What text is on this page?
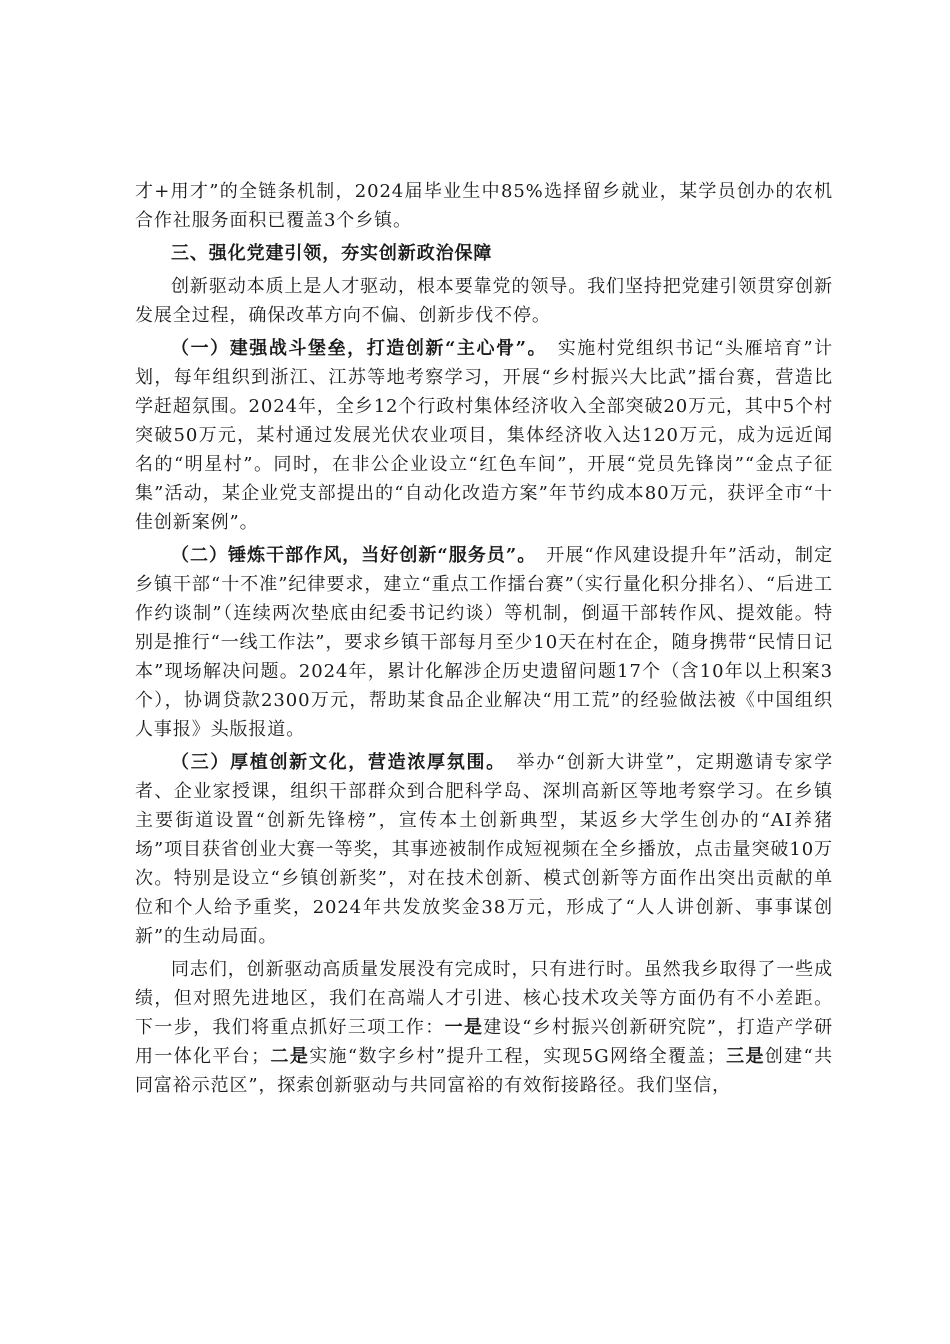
才+用才”的全链条机制，2024届毕业生中85%选择留乡就业，某学员创办的农机合作社服务面积已覆盖3个乡镇。

三、强化党建引领，夯实创新政治保障

创新驱动本质上是人才驱动，根本要靠党的领导。我们坚持把党建引领贯穿创新发展全过程，确保改革方向不偏、创新步伐不停。

（一）建强战斗堡垒，打造创新“主心骨”。　实施村党组织书记“头雁培育”计划，每年组织到浙江、江苏等地考察学习，开展“乡村振兴大比武”擂台赛，营造比学赶超氛围。2024年，全乡12个行政村集体经济收入全部突破20万元，其中5个村突破50万元，某村通过发展光伏农业项目，集体经济收入达120万元，成为远近闻名的“明星村”。同时，在非公企业设立“红色车间”，开展“党员先锋岗”“金点子征集”活动，某企业党支部提出的“自动化改造方案”年节约成本80万元，获评全市“十佳创新案例”。

（二）锤炼干部作风，当好创新“服务员”。　开展“作风建设提升年”活动，制定乡镇干部“十不准”纪律要求，建立“重点工作擂台赛”（实行量化积分排名）、“后进工作约谈制”（连续两次垫底由纪委书记约谈）等机制，倒逼干部转作风、提效能。特别是推行“一线工作法”，要求乡镇干部每月至少10天在村在企，随身携带“民情日记本”现场解决问题。2024年，累计化解涉企历史遗留问题17个（含10年以上积案3个），协调贷款2300万元，帮助某食品企业解决“用工荒”的经验做法被《中国组织人事报》头版报道。

（三）厚植创新文化，营造浓厚氛围。　举办“创新大讲堂”，定期邀请专家学者、企业家授课，组织干部群众到合肥科学岛、深圳高新区等地考察学习。在乡镇主要街道设置“创新先锋榜”，宣传本土创新典型，某返乡大学生创办的“AI养猪场”项目获省创业大赛一等奖，其事迹被制作成短视频在全乡播放，点击量突破10万次。特别是设立“乡镇创新奖”，对在技术创新、模式创新等方面作出突出贡献的单位和个人给予重奖，2024年共发放奖金38万元，形成了“人人讲创新、事事谋创新”的生动局面。

同志们，创新驱动高质量发展没有完成时，只有进行时。虽然我乡取得了一些成绩，但对照先进地区，我们在高端人才引进、核心技术攻关等方面仍有不小差距。下一步，我们将重点抓好三项工作：一是建设“乡村振兴创新研究院”，打造产学研用一体化平台；二是实施“数字乡村”提升工程，实现5G网络全覆盖；三是创建“共同富裕示范区”，探索创新驱动与共同富裕的有效衔接路径。我们坚信，
